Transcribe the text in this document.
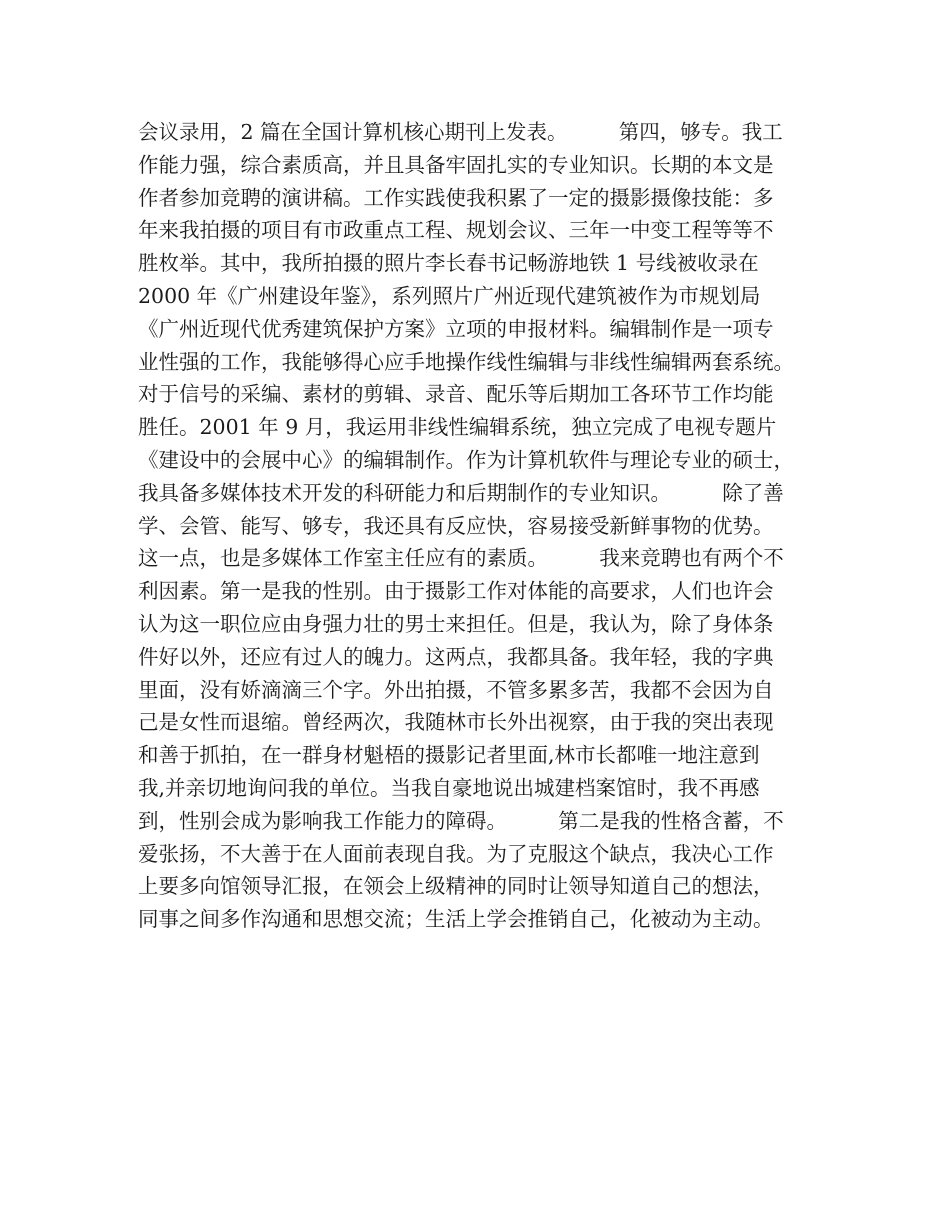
会议录用，2 篇在全国计算机核心期刊上发表。　　　第四，够专。我工
作能力强，综合素质高，并且具备牢固扎实的专业知识。长期的本文是
作者参加竞聘的演讲稿。工作实践使我积累了一定的摄影摄像技能：多
年来我拍摄的项目有市政重点工程、规划会议、三年一中变工程等等不
胜枚举。其中，我所拍摄的照片李长春书记畅游地铁 1 号线被收录在
2000 年《广州建设年鉴》，系列照片广州近现代建筑被作为市规划局
《广州近现代优秀建筑保护方案》立项的申报材料。编辑制作是一项专
业性强的工作，我能够得心应手地操作线性编辑与非线性编辑两套系统。
对于信号的采编、素材的剪辑、录音、配乐等后期加工各环节工作均能
胜任。2001 年 9 月，我运用非线性编辑系统，独立完成了电视专题片
《建设中的会展中心》的编辑制作。作为计算机软件与理论专业的硕士，
我具备多媒体技术开发的科研能力和后期制作的专业知识。　　　除了善
学、会管、能写、够专，我还具有反应快，容易接受新鲜事物的优势。
这一点，也是多媒体工作室主任应有的素质。　　　我来竞聘也有两个不
利因素。第一是我的性别。由于摄影工作对体能的高要求，人们也许会
认为这一职位应由身强力壮的男士来担任。但是，我认为，除了身体条
件好以外，还应有过人的魄力。这两点，我都具备。我年轻，我的字典
里面，没有娇滴滴三个字。外出拍摄，不管多累多苦，我都不会因为自
己是女性而退缩。曾经两次，我随林市长外出视察，由于我的突出表现
和善于抓拍，在一群身材魁梧的摄影记者里面,林市长都唯一地注意到
我,并亲切地询问我的单位。当我自豪地说出城建档案馆时，我不再感
到，性别会成为影响我工作能力的障碍。　　　第二是我的性格含蓄，不
爱张扬，不大善于在人面前表现自我。为了克服这个缺点，我决心工作
上要多向馆领导汇报，在领会上级精神的同时让领导知道自己的想法，
同事之间多作沟通和思想交流；生活上学会推销自己，化被动为主动。
